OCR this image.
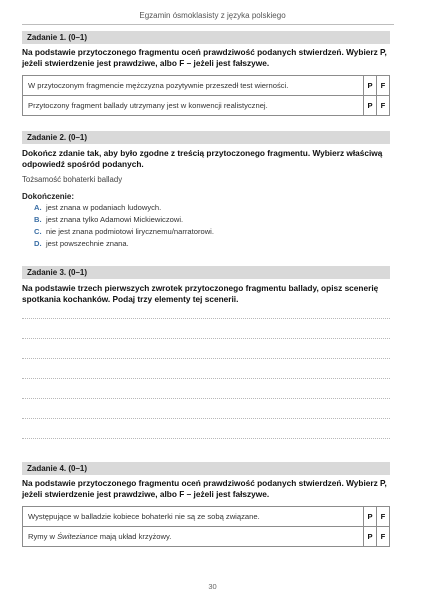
Egzamin ósmoklasisty z języka polskiego
Zadanie 1. (0–1)
Na podstawie przytoczonego fragmentu oceń prawdziwość podanych stwierdzeń. Wybierz P, jeżeli stwierdzenie jest prawdziwe, albo F – jeżeli jest fałszywe.
W przytoczonym fragmencie mężczyzna pozytywnie przeszedł test wierności.	P	F
Przytoczony fragment ballady utrzymany jest w konwencji realistycznej.	P	F
Zadanie 2. (0–1)
Dokończ zdanie tak, aby było zgodne z treścią przytoczonego fragmentu. Wybierz właściwą odpowiedź spośród podanych.
Tożsamość bohaterki ballady
Dokończenie:
A. jest znana w podaniach ludowych.
B. jest znana tylko Adamowi Mickiewiczowi.
C. nie jest znana podmiotowi lirycznemu/narratorowi.
D. jest powszechnie znana.
Zadanie 3. (0–1)
Na podstawie trzech pierwszych zwrotek przytoczonego fragmentu ballady, opisz scenerię spotkania kochanków. Podaj trzy elementy tej scenerii.
Zadanie 4. (0–1)
Na podstawie przytoczonego fragmentu oceń prawdziwość podanych stwierdzeń. Wybierz P, jeżeli stwierdzenie jest prawdziwe, albo F – jeżeli jest fałszywe.
Występujące w balladzie kobiece bohaterki nie są ze sobą związane.	P	F
Rymy w Świteziance mają układ krzyżowy.	P	F
30
